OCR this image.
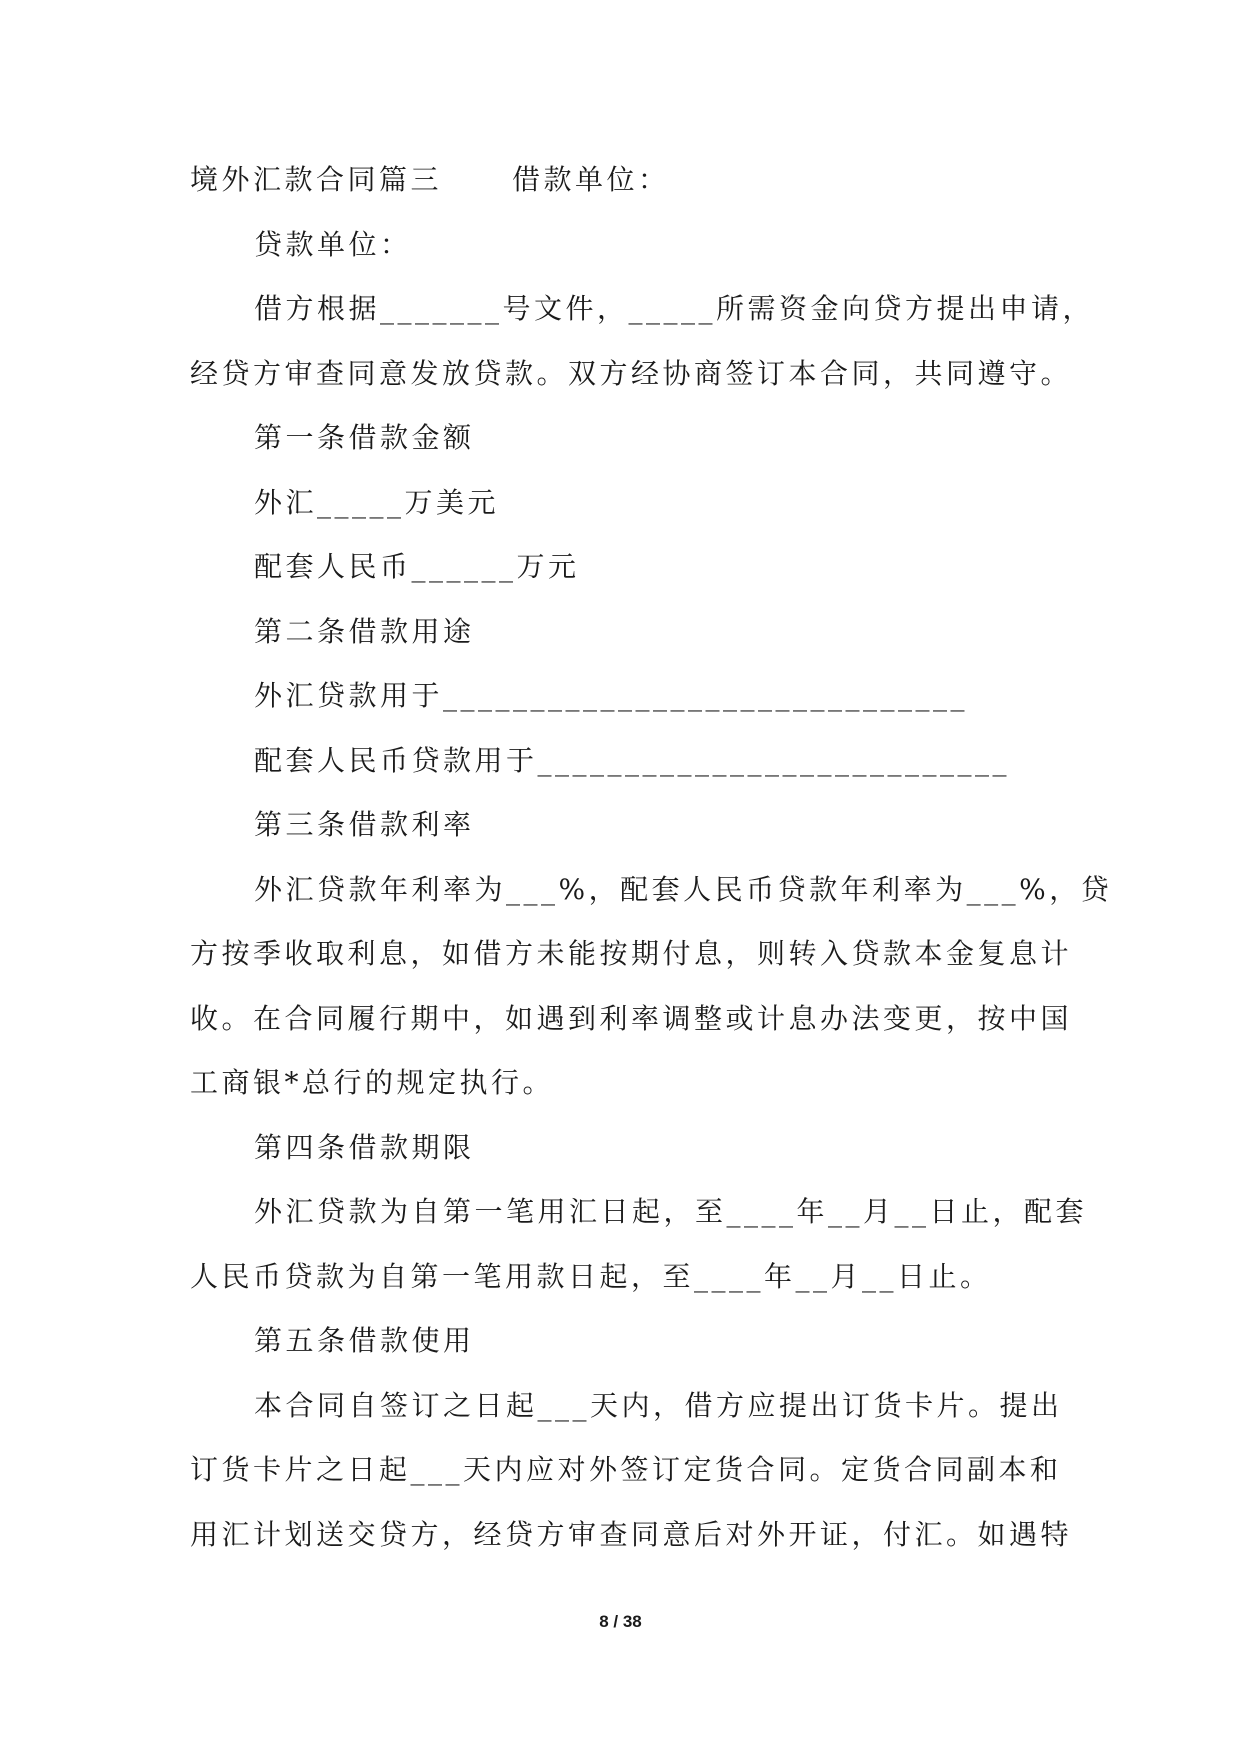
境外汇款合同篇三	借款单位：
贷款单位：
借方根据_______号文件，_____所需资金向贷方提出申请，
经贷方审查同意发放贷款。双方经协商签订本合同，共同遵守。
第一条借款金额
外汇_____万美元
配套人民币______万元
第二条借款用途
外汇贷款用于______________________________
配套人民币贷款用于___________________________
第三条借款利率
外汇贷款年利率为___%，配套人民币贷款年利率为___%，贷
方按季收取利息，如借方未能按期付息，则转入贷款本金复息计
收。在合同履行期中，如遇到利率调整或计息办法变更，按中国
工商银*总行的规定执行。
第四条借款期限
外汇贷款为自第一笔用汇日起，至____年__月__日止，配套
人民币贷款为自第一笔用款日起，至____年__月__日止。
第五条借款使用
本合同自签订之日起___天内，借方应提出订货卡片。提出
订货卡片之日起___天内应对外签订定货合同。定货合同副本和
用汇计划送交贷方，经贷方审查同意后对外开证，付汇。如遇特
8 / 38
